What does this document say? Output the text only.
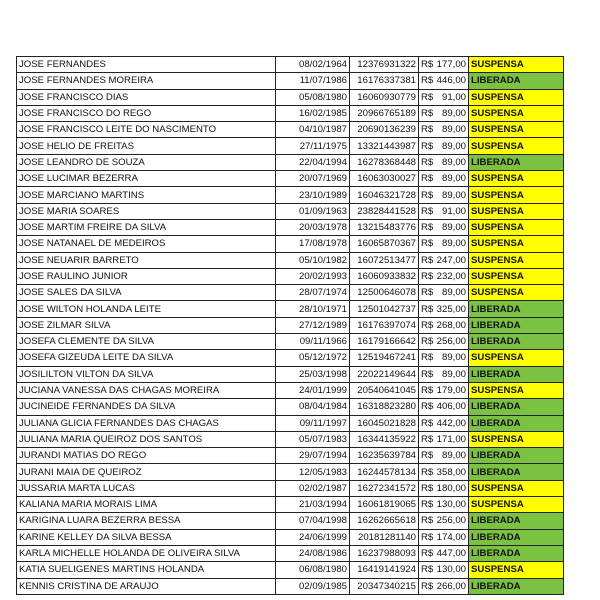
JOSE FERNANDES	08/02/1964	12376931322	R$ 177,00	SUSPENSA
JOSE FERNANDES MOREIRA	11/07/1986	16176337381	R$ 446,00	LIBERADA
JOSE FRANCISCO DIAS	05/08/1980	16060930779	R$ 91,00	SUSPENSA
JOSE FRANCISCO DO REGO	16/02/1985	20966765189	R$ 89,00	SUSPENSA
JOSE FRANCISCO LEITE DO NASCIMENTO	04/10/1987	20690136239	R$ 89,00	SUSPENSA
JOSE HELIO DE FREITAS	27/11/1975	13321443987	R$ 89,00	SUSPENSA
JOSE LEANDRO DE SOUZA	22/04/1994	16278368448	R$ 89,00	LIBERADA
JOSE LUCIMAR BEZERRA	20/07/1969	16063030027	R$ 89,00	SUSPENSA
JOSE MARCIANO MARTINS	23/10/1989	16046321728	R$ 89,00	SUSPENSA
JOSE MARIA SOARES	01/09/1963	23828441528	R$ 91,00	SUSPENSA
JOSE MARTIM FREIRE DA SILVA	20/03/1978	13215483776	R$ 89,00	SUSPENSA
JOSE NATANAEL DE MEDEIROS	17/08/1978	16065870367	R$ 89,00	SUSPENSA
JOSE NEUARIR BARRETO	05/10/1982	16072513477	R$ 247,00	SUSPENSA
JOSE RAULINO JUNIOR	20/02/1993	16060933832	R$ 232,00	SUSPENSA
JOSE SALES DA SILVA	28/07/1974	12500646078	R$ 89,00	SUSPENSA
JOSE WILTON HOLANDA LEITE	28/10/1971	12501042737	R$ 325,00	LIBERADA
JOSE ZILMAR SILVA	27/12/1989	16176397074	R$ 268,00	LIBERADA
JOSEFA CLEMENTE DA SILVA	09/11/1966	16179166642	R$ 256,00	LIBERADA
JOSEFA GIZEUDA LEITE DA SILVA	05/12/1972	12519467241	R$ 89,00	SUSPENSA
JOSILILTON VILTON DA SILVA	25/03/1998	22022149644	R$ 89,00	LIBERADA
JUCIANA VANESSA DAS CHAGAS MOREIRA	24/01/1999	20540641045	R$ 179,00	SUSPENSA
JUCINEIDE FERNANDES DA SILVA	08/04/1984	16318823280	R$ 406,00	LIBERADA
JULIANA GLICIA FERNANDES DAS CHAGAS	09/11/1997	16045021828	R$ 442,00	LIBERADA
JULIANA MARIA QUEIROZ DOS SANTOS	05/07/1983	16344135922	R$ 171,00	SUSPENSA
JURANDI MATIAS DO REGO	29/07/1994	16235639784	R$ 89,00	LIBERADA
JURANI MAIA DE QUEIROZ	12/05/1983	16244578134	R$ 358,00	LIBERADA
JUSSARIA MARTA LUCAS	02/02/1987	16272341572	R$ 180,00	SUSPENSA
KALIANA MARIA MORAIS LIMA	21/03/1994	16061819065	R$ 130,00	SUSPENSA
KARIGINA LUARA BEZERRA BESSA	07/04/1998	16262665618	R$ 256,00	LIBERADA
KARINE KELLEY DA SILVA BESSA	24/06/1999	20181281140	R$ 174,00	LIBERADA
KARLA MICHELLE HOLANDA DE OLIVEIRA SILVA	24/08/1986	16237988093	R$ 447,00	LIBERADA
KATIA SUELIGENES MARTINS HOLANDA	06/08/1980	16419141924	R$ 130,00	SUSPENSA
KENNIS CRISTINA DE ARAUJO	02/09/1985	20347340215	R$ 266,00	LIBERADA
